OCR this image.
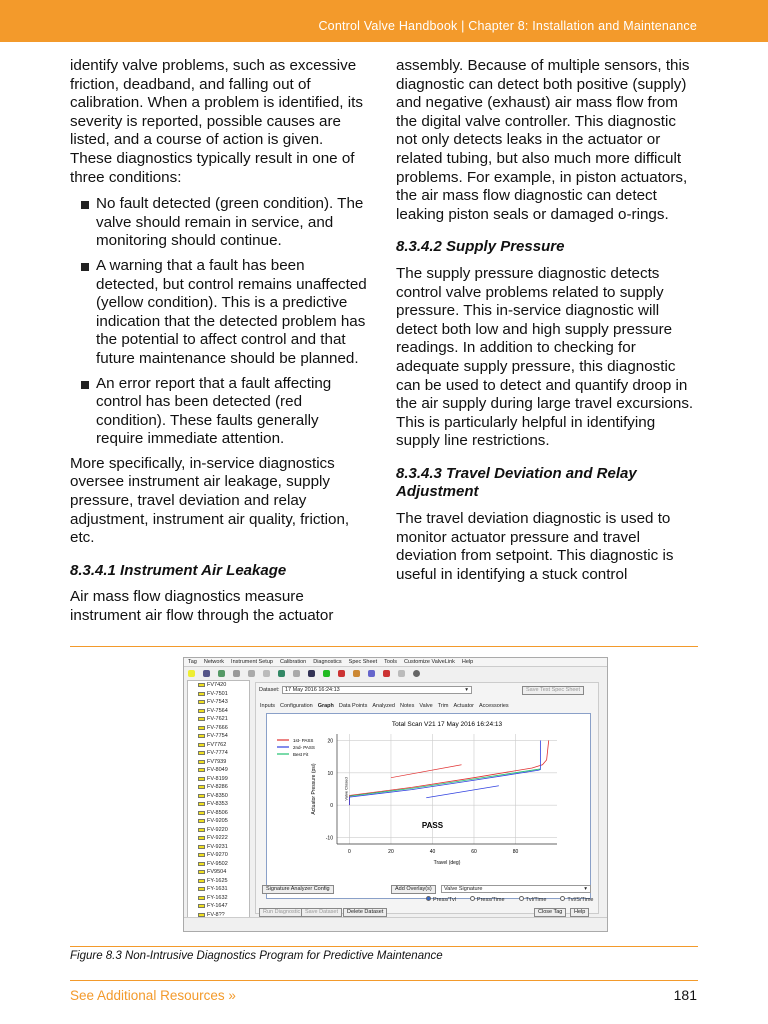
Control Valve Handbook | Chapter 8: Installation and Maintenance

identify valve problems, such as excessive friction, deadband, and falling out of calibration. When a problem is identified, its severity is reported, possible causes are listed, and a course of action is given. These diagnostics typically result in one of three conditions:

No fault detected (green condition). The valve should remain in service, and monitoring should continue.
A warning that a fault has been detected, but control remains unaffected (yellow condition). This is a predictive indication that the detected problem has the potential to affect control and that future maintenance should be planned.
An error report that a fault affecting control has been detected (red condition). These faults generally require immediate attention.

More specifically, in-service diagnostics oversee instrument air leakage, supply pressure, travel deviation and relay adjustment, instrument air quality, friction, etc.

8.3.4.1 Instrument Air Leakage

Air mass flow diagnostics measure instrument air flow through the actuator

assembly. Because of multiple sensors, this diagnostic can detect both positive (supply) and negative (exhaust) air mass flow from the digital valve controller. This diagnostic not only detects leaks in the actuator or related tubing, but also much more difficult problems. For example, in piston actuators, the air mass flow diagnostic can detect leaking piston seals or damaged o-rings.

8.3.4.2 Supply Pressure

The supply pressure diagnostic detects control valve problems related to supply pressure. This in-service diagnostic will detect both low and high supply pressure readings. In addition to checking for adequate supply pressure, this diagnostic can be used to detect and quantify droop in the air supply during large travel excursions. This is particularly helpful in identifying supply line restrictions.

8.3.4.3 Travel Deviation and Relay Adjustment

The travel deviation diagnostic is used to monitor actuator pressure and travel deviation from setpoint. This diagnostic is useful in identifying a stuck control

Tag Network Instrument Setup Calibration Diagnostics Spec Sheet Tools Customize ValveLink Help
FV7420
FV-7501
FV-7543
FV-7564
FV-7621
FV-7666
FV-7754
FV7762
FV-7774
FV7939
FV-8049
FV-8199
FV-8286
FV-8350
FV-8353
FV-8506
FV-9205
FV-9220
FV-9222
FV-9231
FV-9270
FV-9502
FV9504
FY-1625
FY-1631
FY-1632
FY-1647
FV-8??
Dataset:	17 May 2016 16:24:13	▾	Save Test Spec Sheet
Inputs Configuration Graph Data Points Analyzed Notes Valve Trim Actuator Accessories
Total Scan V21 17 May 2016 16:24:13
0	20	40	60	80
-10
0
10
20
Travel (deg)
Actuator Pressure (psi)	Valve Closed
PASS
1st- PASS
2nd- PASS
Best Fit
Signature Analyzer Config	Add Overlay(s)	Valve Signature	▾
Press/Tvl	Press/Time	Tvl/Time	Tvl/S/Time
Run Diagnostic Save Dataset	Delete Dataset	Close Tag	Help
Figure 8.3 Non-Intrusive Diagnostics Program for Predictive Maintenance
See Additional Resources »	181
